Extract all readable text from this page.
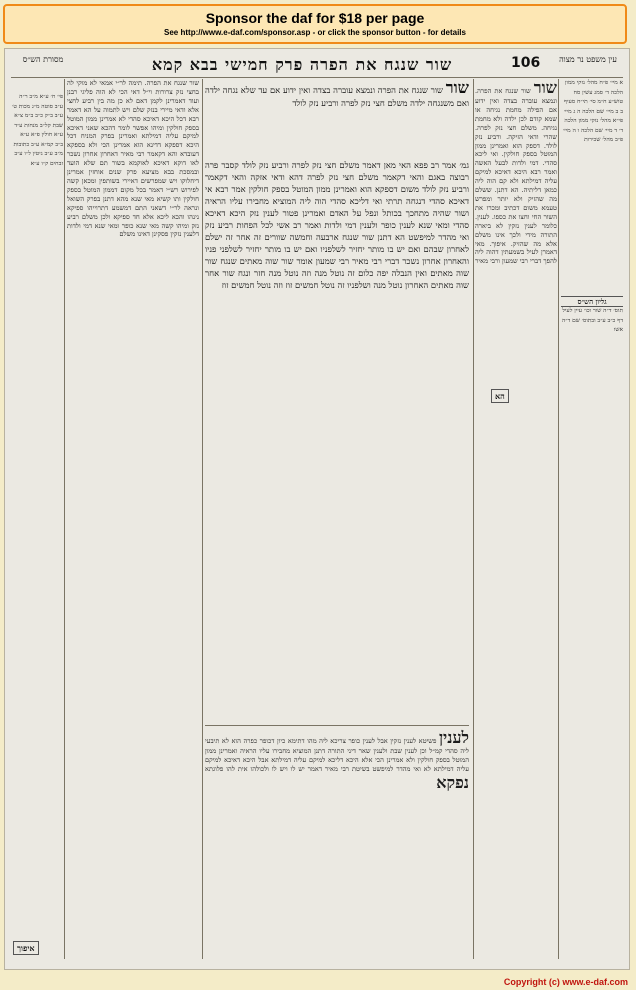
Sponsor the daf for $18 per page
See http://www.e-daf.com/sponsor.asp - or click the sponsor button - for details
עין משפט נר מצוה
106
שור שנגח את הפרה פרק חמישי בבא קמא
מסורת הש״ס
פי׳ ח׳ ע״א מ״ב ר״ה ע״ב סוטה מ״ג מכות ט׳ ע״ב ב״ק כ״ב ב״מ צ״א שבת קל״ב מנחות ע״ד ע״א חולין פ״א ע״א ב״ב קמ״א ע״ב כתובות מ״ב ע״ב גיטין ל״ו ע״ב זבחים ק״ו ע״א
א מיי׳ פ״ח מהל׳ נזקי ממון הלכה ד׳ סמג עשין סח טוש״ע ח״מ סי׳ תי״ח סעיף ב ב מיי׳ שם הלכה ה ג מיי׳ פי״א מהל׳ נזקי ממון הלכה ד׳ ד מיי׳ שם הלכה ו ה מיי׳ פ״ב מהל׳ שכירות
גליון הש״ס
תוס׳ ד״ה שור וכו׳ עיין לעיל דף כ״ב ע״ב ובתוס׳ שם ד״ה אשו
שור שור שנגח את הפרה. ונמצא עוברה בצדה ואין ידוע אם הפילה מחמת נגיחה או שמא קודם לכן ילדה ולא מחמת נגיחה. משלם חצי נזק לפרה. שהרי ודאי הזיקה. ורביע נזק לולד. דספק הוא ואמרינן ממון המוטל בספק חולקין. ואי ליכא סהדי. דמי ולדות לבעל האשה ואמר רבא היכא דאיכא למיקם עליה דמילתא ולא קם הוה ליה כמאן דליתיה. הא דתנן. ששלם מה שהזיק ולא יותר ומפרש טעמא משום דכתיב ומכרו את השור החי וחצו את כספו. לענין. כלומר לענין נזקין לא ביארה התורה מידי ולכך אינו משלם אלא מה שהזיק. איפוך. מאי דאמרן לעיל בשמעתין דהוה ליה להפך דברי רבי שמעון ורבי מאיר
שור שנגח את הפרה. תימה לר״י אמאי לא מוקי לה בחצי נזק צרורות וי״ל דאי הכי לא הוה פליגי רבנן ועוד דאמרינן לקמן דאם לא כן מה בין רביע לחצי אלא ודאי מיירי בנזק שלם ויש לתמוה על הא דאמר רבא דכל היכא דאיכא סהדי לא אמרינן ממון המוטל בספק חולקין ומיהו אפשר לומר דהכא שאני דאיכא למיקם עליה דמילתא ואמרינן בפרק המניח דכל היכא דספקא דדינא הוא אמרינן הכי ולא בספקא דעובדא והא דקאמר רבי מאיר דאחרון אחרון נשכר לאו דוקא דאיכא לאוקמא בשור תם שלא הועד ובמסכת בבא מציעא פרק שנים אוחזין אמרינן דיחלוקו ויש שמפרשים דאיירי בשותפין ומכאן קשה לפירוש רש״י דאמר בכל מקום דממון המוטל בספק חולקין ותו קשיא מאי שנא מהא דתנן בפרק השואל ונראה לר״י דשאני התם דמשמע דתרוייהו ספיקא נינהו והכא ליכא אלא חד ספיקא ולכן משלם רביע נזק ומיהו קשה מאי שנא כופר ומאי שנא דמי ולדות דלענין נזקין פסקינן דאינו משלם
שור שור שנגח את הפרה ונמצא עוברה בצדה ואין ידוע אם עד שלא נגחה ילדה ואם משנגחה ילדה משלם חצי נזק לפרה ורביע נזק לולד
גמ׳ אמר רב פפא האי מאן דאמר משלם חצי נזק לפרה ורביע נזק לולד קסבר פרה רבוצה באגם והאי דקאמר משלם חצי נזק לפרה דהא ודאי אזקה והאי דקאמר ורביע נזק לולד משום דספקא הוא ואמרינן ממון המוטל בספק חולקין אמר רבא אי דאיכא סהדי דנגחה תרתי ואי דליכא סהדי הוה ליה המוציא מחבירו עליו הראיה ושור שהיה מתחכך בכותל ונפל על האדם ואמרינן פטור לענין נזק היכא דאיכא סהדי ומאי שנא לענין כופר ולענין דמי ולדות ואמר רב אשי לכל הפחות רביע נזק ואי מהדר למיפשט הא דתנן שור שנגח ארבעה וחמשה שוורים זה אחר זה ישלם לאחרון שבהם ואם יש בו מותר יחזיר לשלפניו ואם יש בו מותר יחזיר לשלפני פניו והאחרון אחרון נשכר דברי רבי מאיר רבי שמעון אומר שור שוה מאתים שנגח שור שוה מאתים ואין הנבלה יפה כלום זה נוטל מנה וזה נוטל מנה חזר ונגח שור אחר שוה מאתים האחרון נוטל מנה ושלפניו זה נוטל חמשים זוז וזה נוטל חמשים זוז
לענין פשיטא לענין נזקין אבל לענין כופר צריכא ליה מהו דתימא כיון דכופר כפרה הוא לא תיבעי ליה סהדי קמ״ל וכן לענין שבת ולענין שאר דיני התורה דתנן המוציא מחבירו עליו הראיה ואמרינן ממון המוטל בספק חולקין ולא אמרינן הכי אלא היכא דליכא למיקם עליה דמילתא אבל היכא דאיכא למיקם עליה דמילתא לא ואי מהדר למיפשט בשיטת רבי מאיר דאמר יש לו ויש לו ולכולהו אית להו פלוגתא נפקא
איפוך
הא
Copyright (c) www.e-daf.com
